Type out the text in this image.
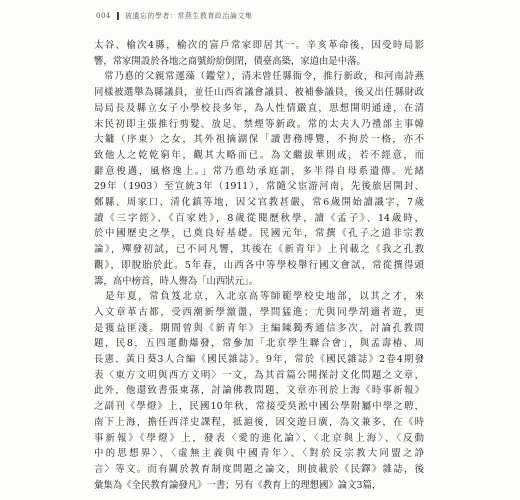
004 被遺忘的學者：常燕生教育政治論文集

太谷、榆次4縣，榆次的富戶常家即居其一。辛亥革命後，因受時局影

響，常家開設於各地之商號紛紛倒閉，債臺高築，家道由是中落。

　常乃悳的父親常運藻（鑑堂），清末曾任縣衙令，推行新政，和河南詩燕

同樣被選舉為縣議員，並任山西省議會議員、被補參議員，後又出任縣財政

局局長及縣立女子小學校長多年，為人性情嚴直，思想開明通達，在清

末民初即主張推行剪髮、放足、禁煙等新政。常的太夫人乃禮部主事韓

大鏞（序東）之女，其外祖摘湖保「讀書務博覽，不拘於一格，亦不

致他人之乾乾窮年，觀其大略而已。為文繼拔華則成，若不經意，而

辭意俊邁，風格逸上。」常乃悳幼承庭訓，多半得自母系遺傳。光緒

29年（1903）至宣統3年（1911），常隨父宦游河南，先後旅居開封、

鄭縣、周家口、清化鎮等地，因父官教甚嚴，常6歲開始讀識字，7歲

讀《三字經》、《百家姓》，8歲從閱歷秋學，讀《孟子》、14歲時，

於中國歷史之學，已奠良好基礎。民國元年，常撰《孔子之道非宗教

論》，殫發初試，已不同凡響，其後在《新青年》上刊載之《我之孔教

觀》，即脫胎於此。5年春，山西各中等學校舉行國文會試，常從撰得頭

籌，高中榜首，時人譽為「山西狀元」。

　是年夏，常負笈北京，入北京高等師範學校史地部，以其之才，來

入文章革古都，受西潮新學激盪，學問猛進；尤與同學胡適者遊，更

是獲益匪淺。期間曾與《新青年》主編陳獨秀通信多次，討論孔教問

題，民8，五四運動爆發，常參加「北京學生聯合會」，與孟壽椿、周

長憲、黃日葵3人合編《國民雜誌》。9年，常於《國民雜誌》2卷4期發

表〈東方文明與西方文明〉一文，為其首篇公開探討文化問題之文章，

此外，他還致書張東蓀，討論佛教問題，文章亦刊於上海《時事新報》

之副刊《學燈》上，民國10年秋，常接受吳淞中國公學附屬中學之聘，

南下上海，擔任西洋史課程，抵滬後，因交遊日廣，為文兼多，在《時

事新報》《學燈》上，發表〈愛的進化論〉、〈北京與上海〉、〈反動

中的思想界〉、〈虛無主義與中國青年〉、〈對於反宗教大同盟之諍

言〉等文。而有關於教育制度問題之論文，則披載於《民鐸》雜誌，後

彙集為《全民教育論發凡》一書；另有《教育上的理想國》論文3篇，
